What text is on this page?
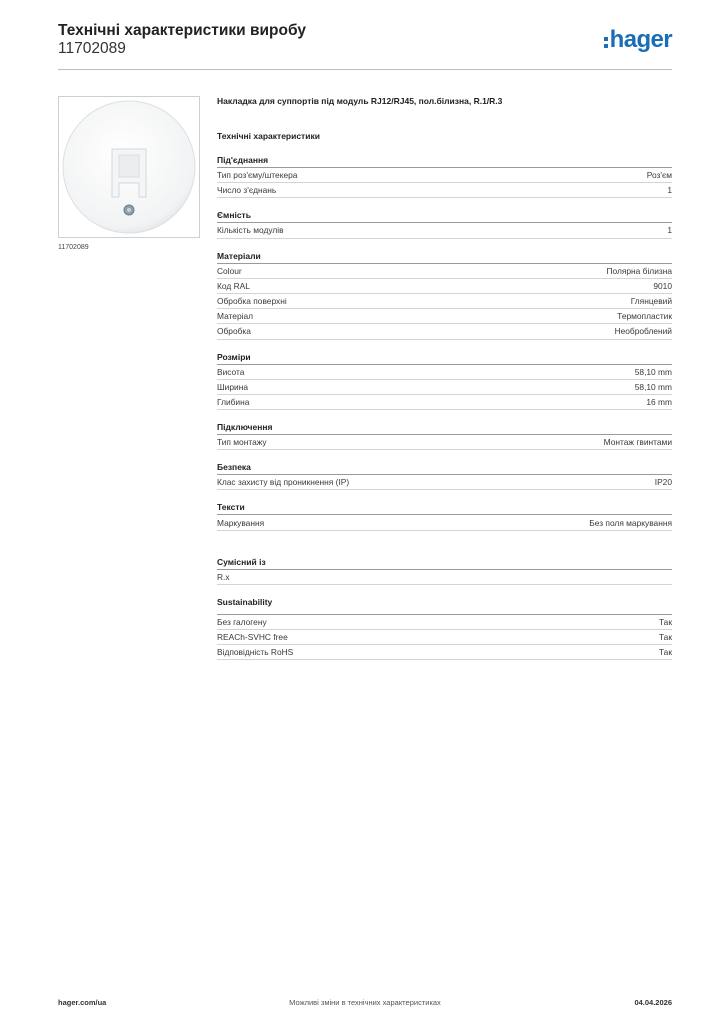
Технічні характеристики виробу
11702089	hager
11702089
Накладка для суппортів під модуль RJ12/RJ45, пол.білизна, R.1/R.3
Технічні характеристики
Під'єднання
Тип роз'єму/штекера	Роз'єм
Число з'єднань	1
Ємність
Кількість модулів	1
Матеріали
Colour	Полярна білизна
Код RAL	9010
Обробка поверхні	Глянцевий
Матеріал	Термопластик
Обробка	Необроблений
Розміри
Висота	58,10 mm
Ширина	58,10 mm
Глибина	16 mm
Підключення
Тип монтажу	Монтаж гвинтами
Безпека
Клас захисту від проникнення (IP)	IP20
Тексти
Маркування	Без поля маркування
Сумісний із
R.x
Sustainability
Без галогену	Так
REACh-SVHC free	Так
Відповідність RoHS	Так
hager.com/ua	Можливі зміни в технічних характеристиках	04.04.2026
